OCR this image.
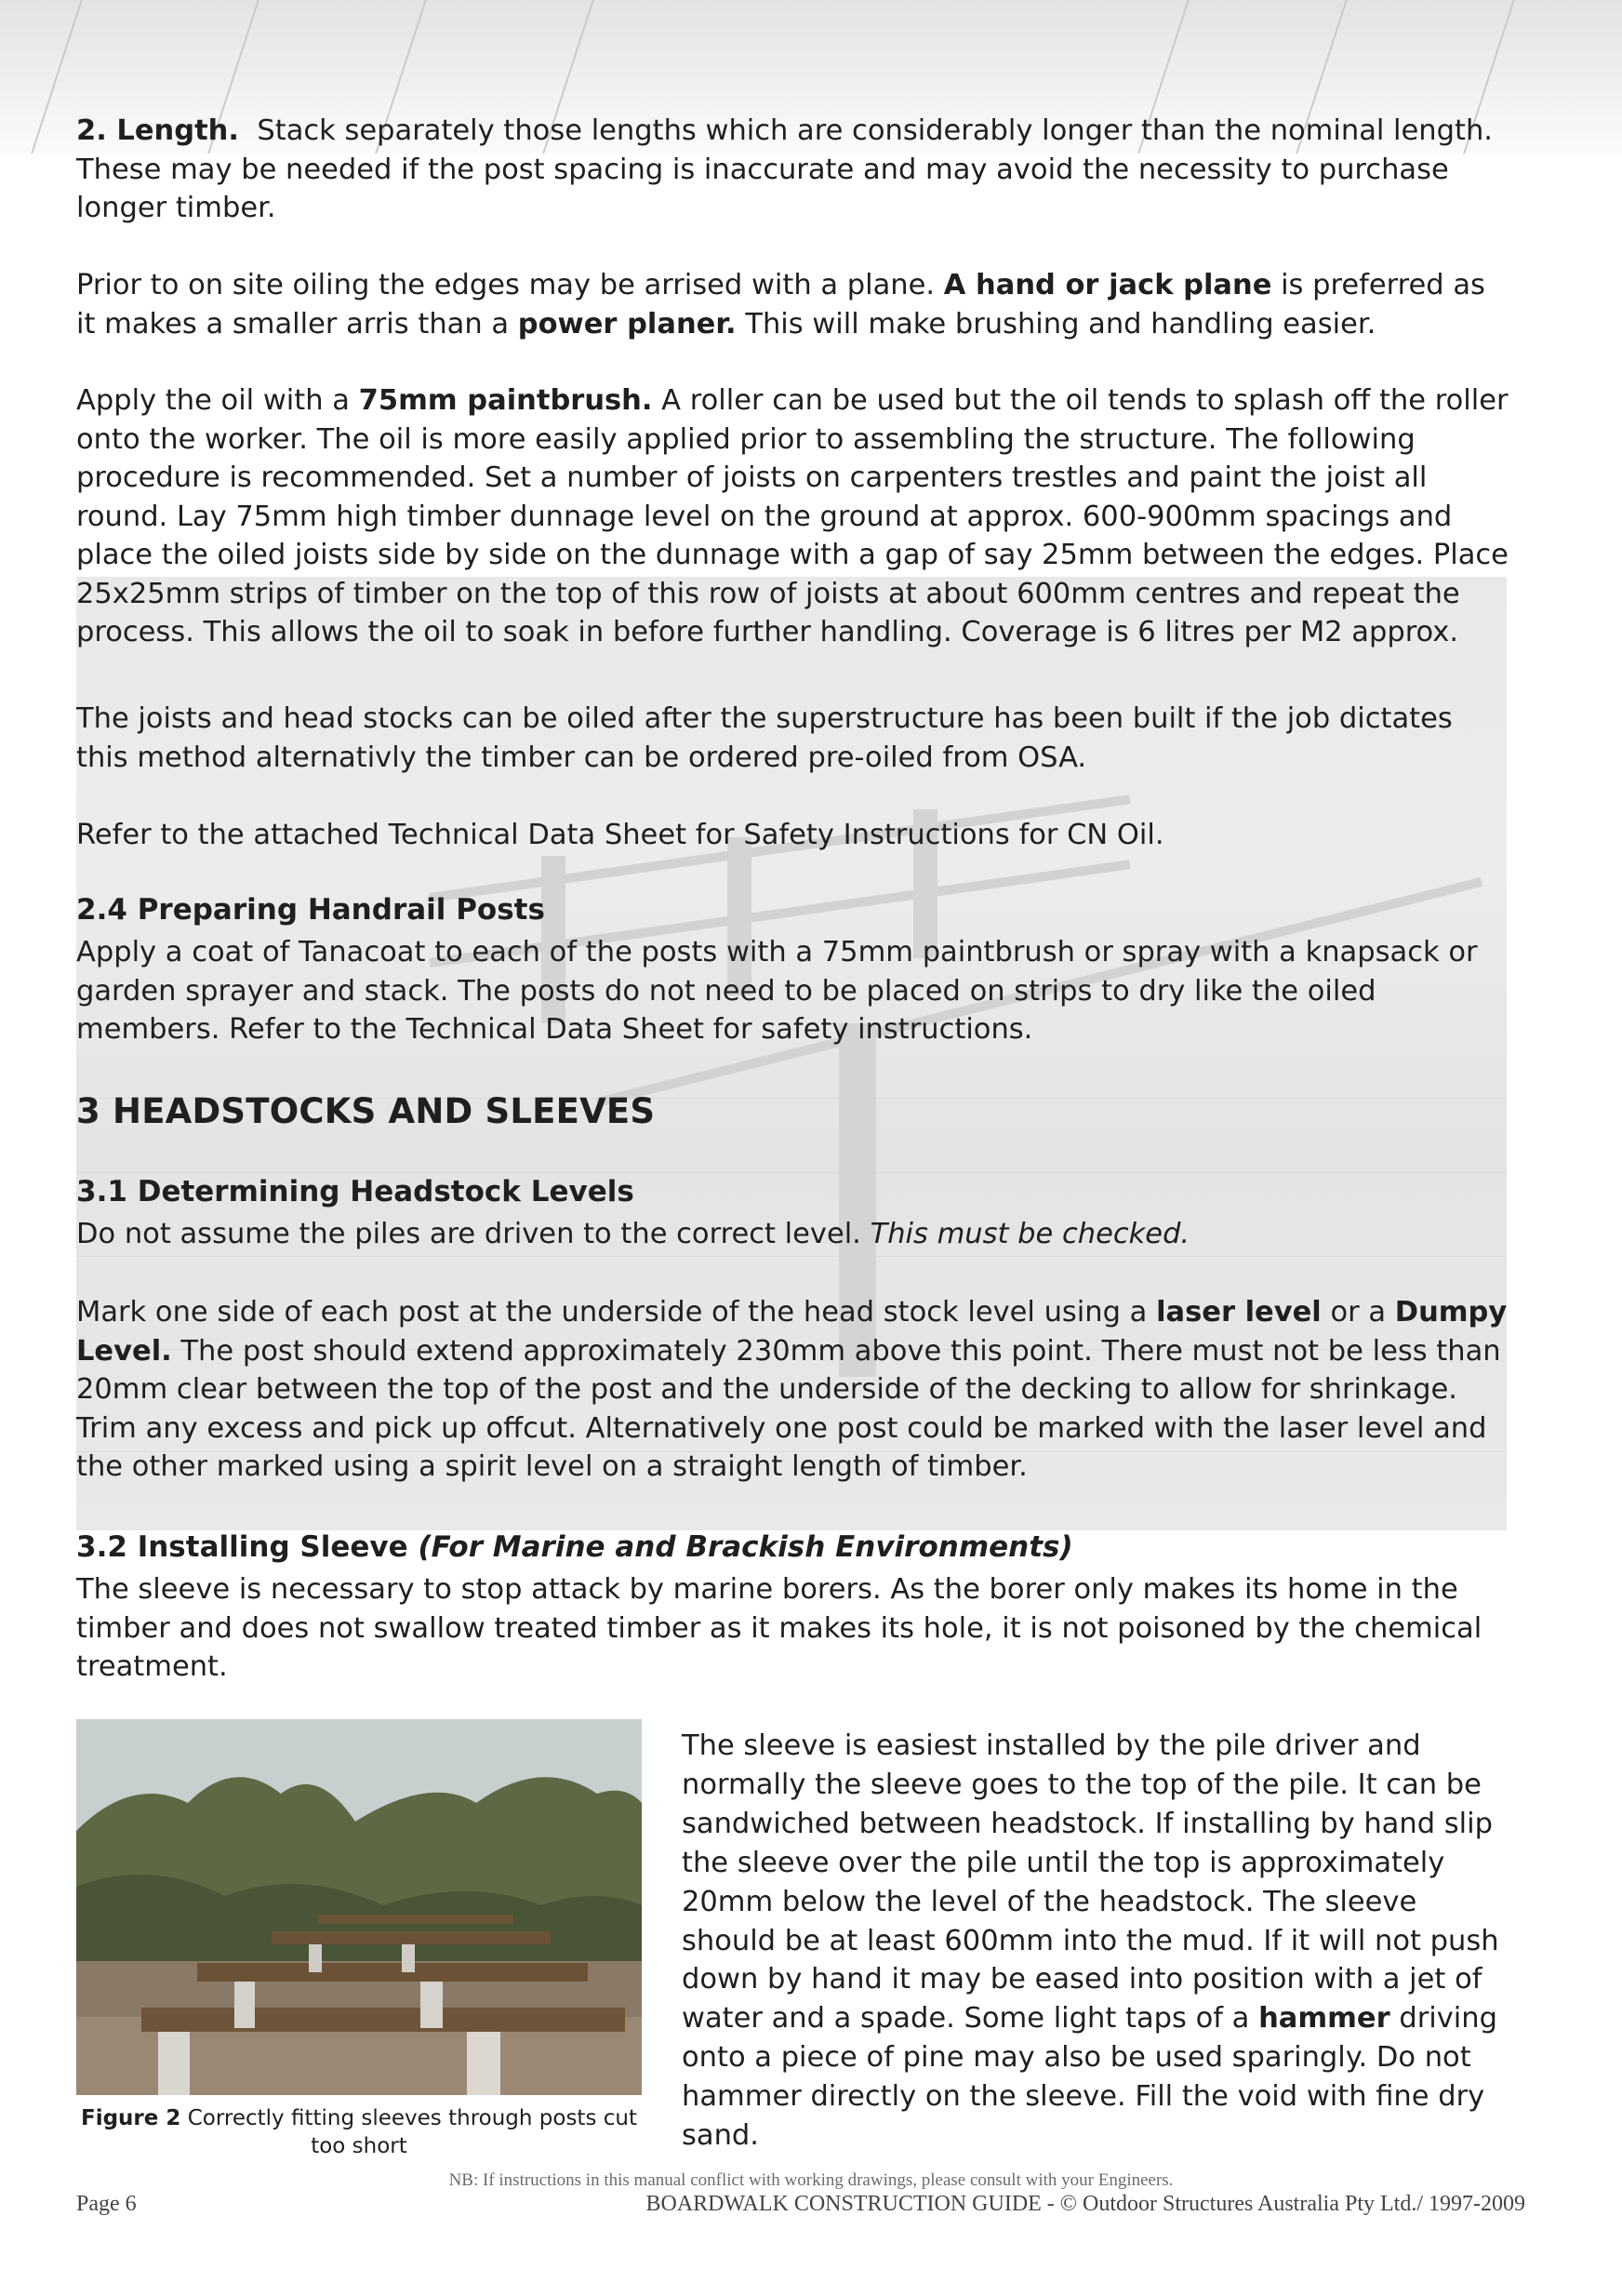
2. Length. Stack separately those lengths which are considerably longer than the nominal length. These may be needed if the post spacing is inaccurate and may avoid the necessity to purchase longer timber.

Prior to on site oiling the edges may be arrised with a plane. A hand or jack plane is preferred as it makes a smaller arris than a power planer. This will make brushing and handling easier.

Apply the oil with a 75mm paintbrush. A roller can be used but the oil tends to splash off the roller onto the worker. The oil is more easily applied prior to assembling the structure. The following procedure is recommended. Set a number of joists on carpenters trestles and paint the joist all round. Lay 75mm high timber dunnage level on the ground at approx. 600-900mm spacings and place the oiled joists side by side on the dunnage with a gap of say 25mm between the edges. Place 25x25mm strips of timber on the top of this row of joists at about 600mm centres and repeat the process. This allows the oil to soak in before further handling. Coverage is 6 litres per M2 approx.

The joists and head stocks can be oiled after the superstructure has been built if the job dictates this method alternativly the timber can be ordered pre-oiled from OSA.

Refer to the attached Technical Data Sheet for Safety Instructions for CN Oil.

2.4 Preparing Handrail Posts

Apply a coat of Tanacoat to each of the posts with a 75mm paintbrush or spray with a knapsack or garden sprayer and stack. The posts do not need to be placed on strips to dry like the oiled members. Refer to the Technical Data Sheet for safety instructions.

3 HEADSTOCKS AND SLEEVES
3.1 Determining Headstock Levels

Do not assume the piles are driven to the correct level. This must be checked.

Mark one side of each post at the underside of the head stock level using a laser level or a Dumpy Level. The post should extend approximately 230mm above this point. There must not be less than 20mm clear between the top of the post and the underside of the decking to allow for shrinkage. Trim any excess and pick up offcut. Alternatively one post could be marked with the laser level and the other marked using a spirit level on a straight length of timber.

3.2 Installing Sleeve (For Marine and Brackish Environments)

The sleeve is necessary to stop attack by marine borers. As the borer only makes its home in the timber and does not swallow treated timber as it makes its hole, it is not poisoned by the chemical treatment.

Figure 2 Correctly fitting sleeves through posts cut too short
The sleeve is easiest installed by the pile driver and normally the sleeve goes to the top of the pile. It can be sandwiched between headstock. If installing by hand slip the sleeve over the pile until the top is approximately 20mm below the level of the headstock. The sleeve should be at least 600mm into the mud. If it will not push down by hand it may be eased into position with a jet of water and a spade. Some light taps of a hammer driving onto a piece of pine may also be used sparingly. Do not hammer directly on the sleeve. Fill the void with fine dry sand.
NB: If instructions in this manual conflict with working drawings, please consult with your Engineers.
Page 6	BOARDWALK CONSTRUCTION GUIDE - © Outdoor Structures Australia Pty Ltd./ 1997-2009
